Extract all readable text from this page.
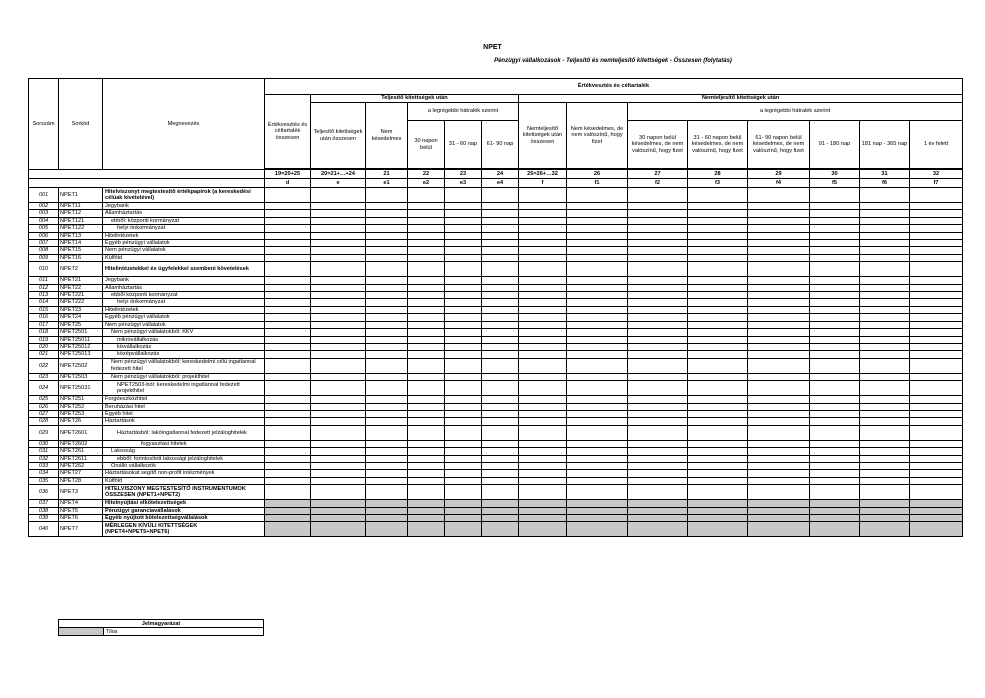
NPET
Pénzügyi vállalkozások - Teljesítő és nemteljesítő kitettségek - Összesen (folytatás)
Sorszám	Sorkód	Megnevezés	Értékvesztés és céltartalék													
			Értékvesztés és céltartalék összesen	Teljesítő kitettségek után					Nemteljesítő kitettségek után							
				Teljesítő kitettségek után összesen	Nem késedelmes	a legrégebbi hátralék szerint			Nemteljesítő kitettségek után összesen	Nem késedelmes, de nem valószínű, hogy fizet	a legrégebbi hátralék szerint					
						30 napon belül	31 - 60 nap	61- 90 nap			30 napon belül késedelmes, de nem valószínű, hogy fizet	31 - 60 napon belül késedelmes, de nem valószínű, hogy fizet	61- 90 napon belül késedelmes, de nem valószínű, hogy fizet	91 - 180 nap	181 nap - 365 nap	1 év felett

			19=20+25	20=21+…+24	21	22	23	24	25=26+…32	26	27	28	29	30	31	32
			d	e	e1	e2	e3	e4	f	f1	f2	f3	f4	f5	f6	f7
001	NPET1	Hitelviszonyt megtestesítő értékpapírok (a kereskedési célúak kivételével)														
002	NPET11	Jegybank														
003	NPET12	Államháztartás														
004	NPET121	ebből: központi kormányzat														
005	NPET122	helyi önkormányzat														
006	NPET13	Hitelintézetek														
007	NPET14	Egyéb pénzügyi vállalatok														
008	NPET15	Nem pénzügyi vállalatok														
009	NPET16	Külföld														
010	NPET2	Hitelintézetekkel és ügyfelekkel szembeni követelések														
011	NPET21	Jegybank														
012	NPET22	Államháztartás														
013	NPET221	ebből központi kormányzat														
014	NPET222	helyi önkormányzat														
015	NPET23	Hitelintézetek														
016	NPET24	Egyéb pénzügyi vállalatok														
017	NPET25	Nem pénzügyi vállalatok														
018	NPET2501	Nem pénzügyi vállalatokból: KKV														
019	NPET25011	mikrovállalkozás														
020	NPET25012	kisvállalkozás														
021	NPET25013	középvállalkozás														
022	NPET2502	Nem pénzügyi vállalatokból: kereskedelmi célú ingatlannal fedezett hitel														
023	NPET2503	Nem pénzügyi vállalatokból: projekthitel														
024	NPET25031	NPET2503-ból: kereskedelmi ingatlannal fedezett projekthitel														
025	NPET251	Forgóeszközhitel														
026	NPET252	Beruházási hitel														
027	NPET253	Egyéb hitel														
028	NPET26	Háztartások														
029	NPET2601	Háztartásból: lakóingatlannal fedezett jelzáloghitelek														
030	NPET2602	fogyasztási hitelek														
031	NPET261	Lakosság														
032	NPET2611	ebből: forintosított lakossági jelzáloghitelek														
033	NPET262	Önálló vállalkozók														
034	NPET27	Háztartásokat segítő non-profit intézmények														
035	NPET28	Külföld														
036	NPET3	HITELVISZONY MEGTESTESÍTŐ INSTRUMENTUMOK ÖSSZESEN (NPET1+NPET2)														
037	NPET4	Hitelnyújtási elkötelezettségek														
038	NPET5	Pénzügyi garanciavállalások														
039	NPET6	Egyéb nyújtott kötelezettségvállalások														
040	NPET7	MÉRLEGEN KÍVÜLI KITETTSÉGEK (NPET4+NPET5+NPET6)														
Jelmagyarázat
	Tilos
